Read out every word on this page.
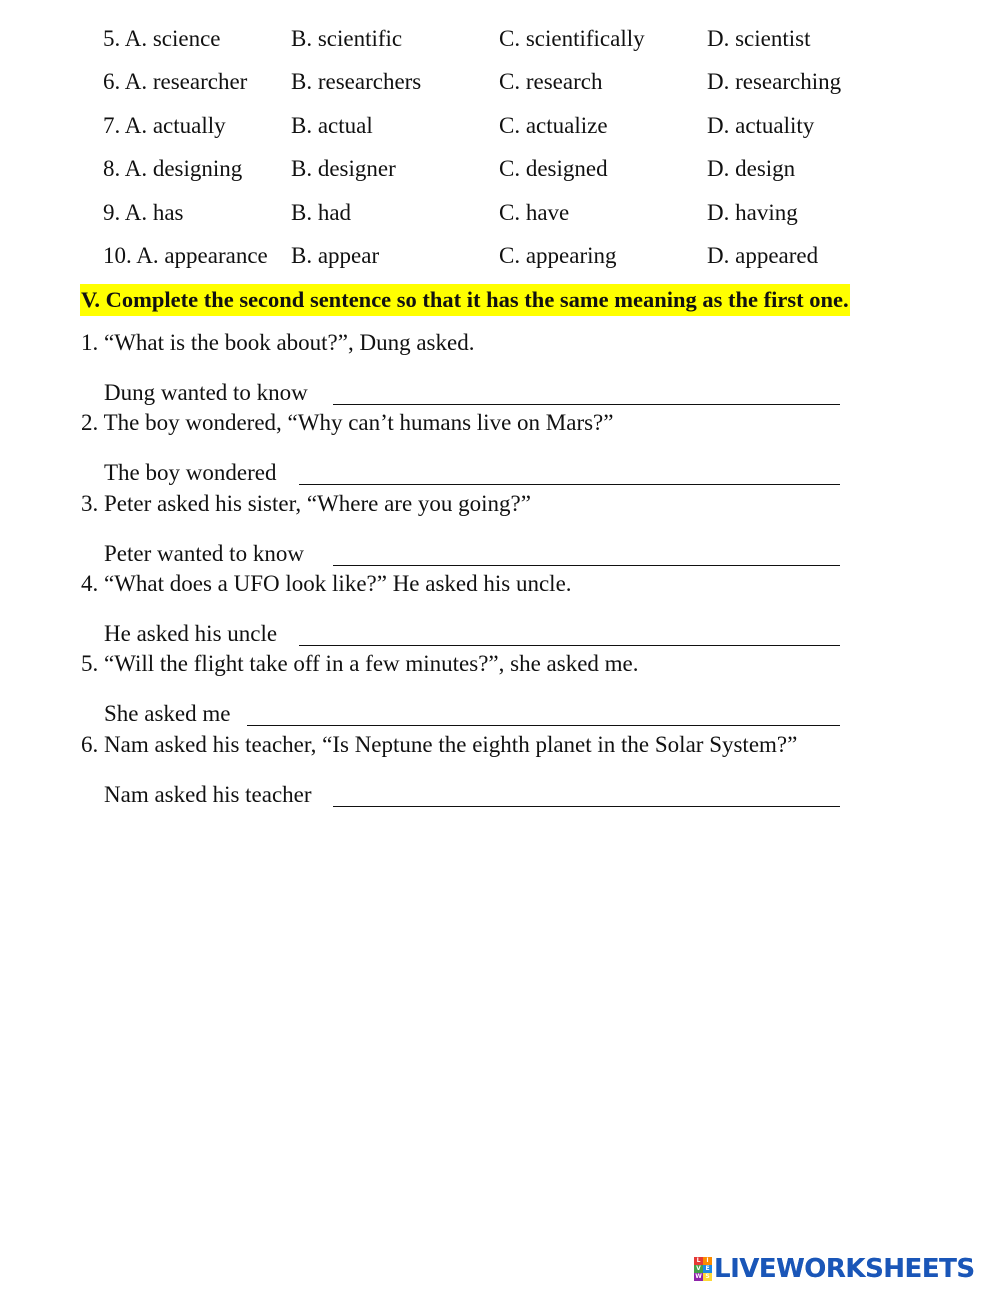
5. A. science	B. scientific	C. scientifically	D. scientist
6. A. researcher B. researchers	C. research	D. researching
7. A. actually	B. actual	C. actualize	D. actuality
8. A. designing B. designer	C. designed	D. design
9. A. has	B. had	C. have	D. having
10. A. appearance B. appear	C. appearing	D. appeared
V. Complete the second sentence so that it has the same meaning as the first one.
1. “What is the book about?”, Dung asked.
Dung wanted to know
2. The boy wondered, “Why can’t humans live on Mars?”
The boy wondered
3. Peter asked his sister, “Where are you going?”
Peter wanted to know
4. “What does a UFO look like?” He asked his uncle.
He asked his uncle
5. “Will the flight take off in a few minutes?”, she asked me.
She asked me
6. Nam asked his teacher, “Is Neptune the eighth planet in the Solar System?”
Nam asked his teacher
L I
V E
W S LIVEWORKSHEETS
